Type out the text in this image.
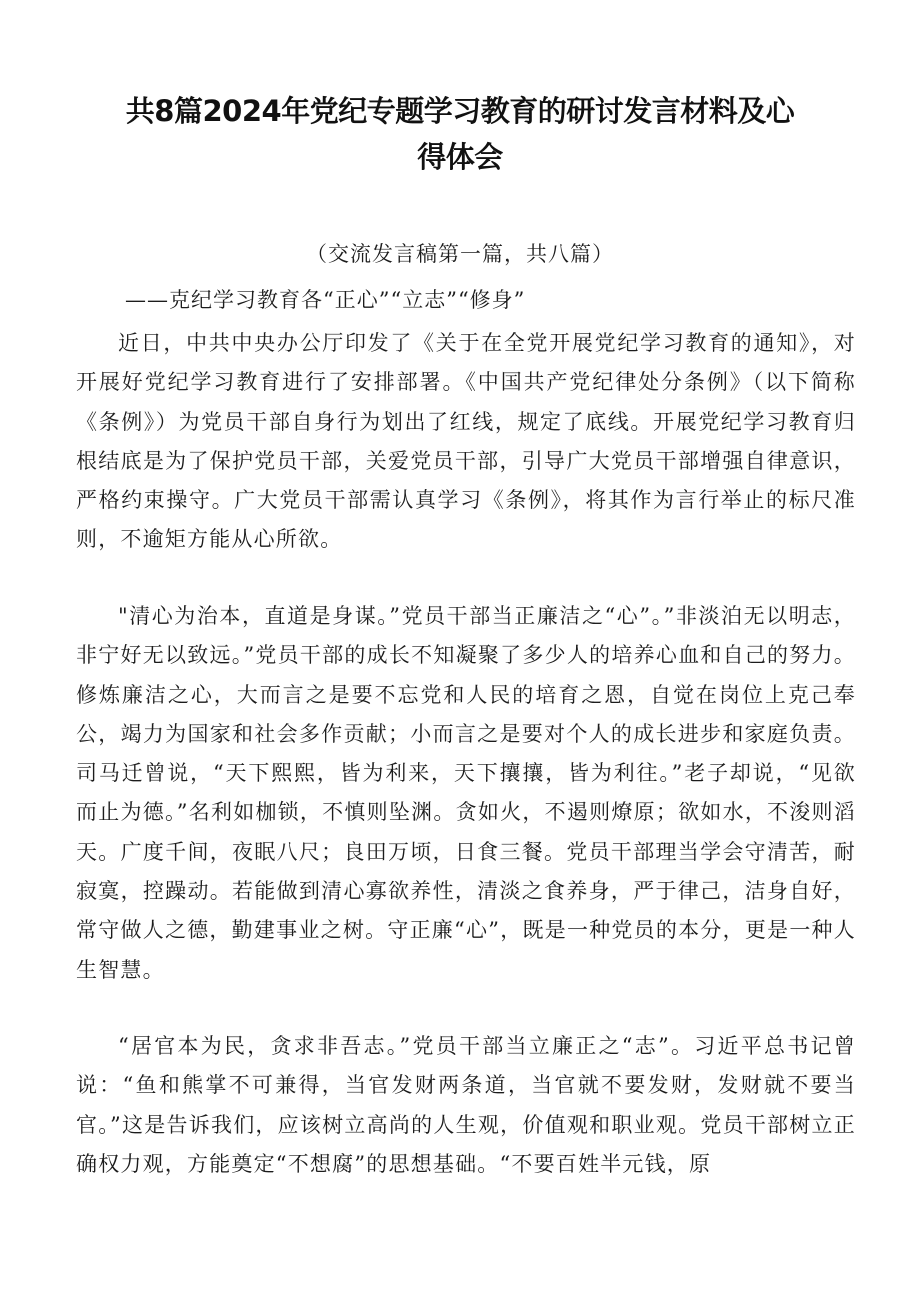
共8篇2024年党纪专题学习教育的研讨发言材料及心
得体会
（交流发言稿第一篇，共八篇）
——克纪学习教育各“正心”“立志”“修身”

近日，中共中央办公厅印发了《关于在全党开展党纪学习教育的通知》，对开展好党纪学习教育进行了安排部署。《中国共产党纪律处分条例》（以下简称《条例》）为党员干部自身行为划出了红线，规定了底线。开展党纪学习教育归根结底是为了保护党员干部，关爱党员干部，引导广大党员干部增强自律意识，严格约束操守。广大党员干部需认真学习《条例》，将其作为言行举止的标尺准则，不逾矩方能从心所欲。

"清心为治本，直道是身谋。”党员干部当正廉洁之“心”。”非淡泊无以明志，非宁好无以致远。”党员干部的成长不知凝聚了多少人的培养心血和自己的努力。修炼廉洁之心，大而言之是要不忘党和人民的培育之恩，自觉在岗位上克己奉公，竭力为国家和社会多作贡献；小而言之是要对个人的成长进步和家庭负责。司马迁曾说，“天下熙熙，皆为利来，天下攘攘，皆为利往。”老子却说，“见欲而止为德。”名利如枷锁，不慎则坠渊。贪如火，不遏则燎原；欲如水，不浚则滔天。广度千间，夜眠八尺；良田万顷，日食三餐。党员干部理当学会守清苦，耐寂寞，控躁动。若能做到清心寡欲养性，清淡之食养身，严于律己，洁身自好，常守做人之德，勤建事业之树。守正廉“心”，既是一种党员的本分，更是一种人生智慧。

“居官本为民，贪求非吾志。”党员干部当立廉正之“志”。习近平总书记曾说：“鱼和熊掌不可兼得，当官发财两条道，当官就不要发财，发财就不要当官。”这是告诉我们，应该树立高尚的人生观，价值观和职业观。党员干部树立正确权力观，方能奠定“不想腐”的思想基础。“不要百姓半元钱，原
